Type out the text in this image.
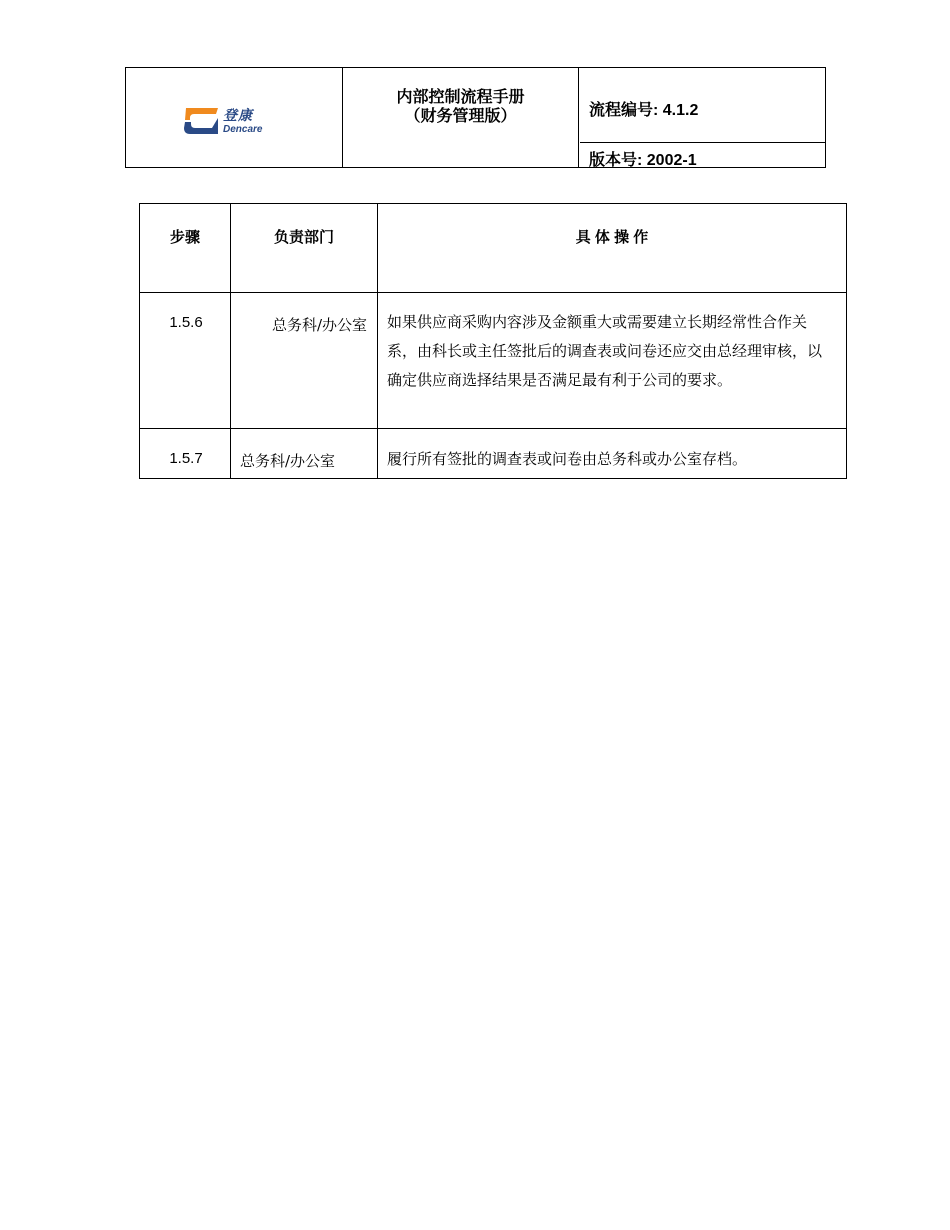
登康
Dencare
内部控制流程手册
（财务管理版）	流程编号: 4.1.2
版本号: 2002-1
步骤	负责部门	具 体 操 作
1.5.6	总务科/办公室	如果供应商采购内容涉及金额重大或需要建立长期经常性合作关系，由科长或主任签批后的调查表或问卷还应交由总经理审核，以确定供应商选择结果是否满足最有利于公司的要求。
1.5.7	总务科/办公室	履行所有签批的调查表或问卷由总务科或办公室存档。
